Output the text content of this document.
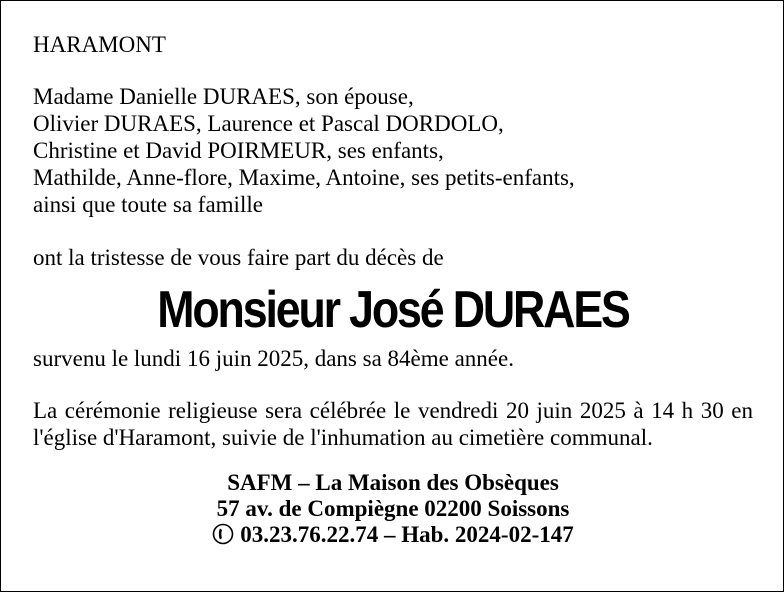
HARAMONT
Madame Danielle DURAES, son épouse,
Olivier DURAES, Laurence et Pascal DORDOLO,
Christine et David POIRMEUR, ses enfants,
Mathilde, Anne-flore, Maxime, Antoine, ses petits-enfants,
ainsi que toute sa famille
ont la tristesse de vous faire part du décès de
Monsieur José DURAES
survenu le lundi 16 juin 2025, dans sa 84ème année.
La cérémonie religieuse sera célébrée le vendredi 20 juin 2025 à 14 h 30 en l'église d'Haramont, suivie de l'inhumation au cimetière communal.
SAFM – La Maison des Obsèques
57 av. de Compiègne 02200 Soissons
03.23.76.22.74 – Hab. 2024-02-147
